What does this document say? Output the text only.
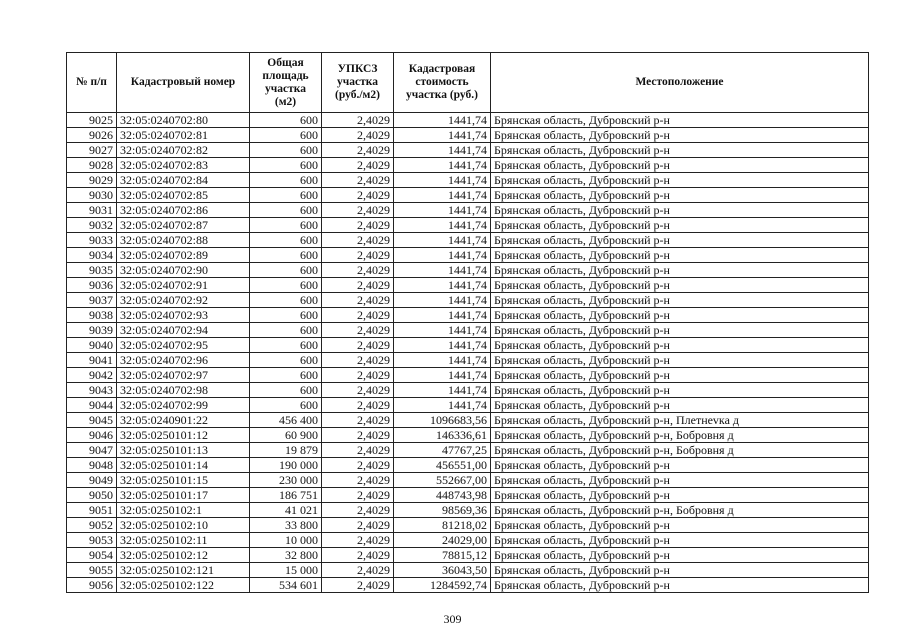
№ п/п	Кадастровый номер	Общая площадь участка (м2)	УПКСЗ участка (руб./м2)	Кадастровая стоимость участка (руб.)	Местоположение
9025	32:05:0240702:80	600	2,4029	1441,74	Брянская область, Дубровский р-н
9026	32:05:0240702:81	600	2,4029	1441,74	Брянская область, Дубровский р-н
9027	32:05:0240702:82	600	2,4029	1441,74	Брянская область, Дубровский р-н
9028	32:05:0240702:83	600	2,4029	1441,74	Брянская область, Дубровский р-н
9029	32:05:0240702:84	600	2,4029	1441,74	Брянская область, Дубровский р-н
9030	32:05:0240702:85	600	2,4029	1441,74	Брянская область, Дубровский р-н
9031	32:05:0240702:86	600	2,4029	1441,74	Брянская область, Дубровский р-н
9032	32:05:0240702:87	600	2,4029	1441,74	Брянская область, Дубровский р-н
9033	32:05:0240702:88	600	2,4029	1441,74	Брянская область, Дубровский р-н
9034	32:05:0240702:89	600	2,4029	1441,74	Брянская область, Дубровский р-н
9035	32:05:0240702:90	600	2,4029	1441,74	Брянская область, Дубровский р-н
9036	32:05:0240702:91	600	2,4029	1441,74	Брянская область, Дубровский р-н
9037	32:05:0240702:92	600	2,4029	1441,74	Брянская область, Дубровский р-н
9038	32:05:0240702:93	600	2,4029	1441,74	Брянская область, Дубровский р-н
9039	32:05:0240702:94	600	2,4029	1441,74	Брянская область, Дубровский р-н
9040	32:05:0240702:95	600	2,4029	1441,74	Брянская область, Дубровский р-н
9041	32:05:0240702:96	600	2,4029	1441,74	Брянская область, Дубровский р-н
9042	32:05:0240702:97	600	2,4029	1441,74	Брянская область, Дубровский р-н
9043	32:05:0240702:98	600	2,4029	1441,74	Брянская область, Дубровский р-н
9044	32:05:0240702:99	600	2,4029	1441,74	Брянская область, Дубровский р-н
9045	32:05:0240901:22	456 400	2,4029	1096683,56	Брянская область, Дубровский р-н, Плетнevка д
9046	32:05:0250101:12	60 900	2,4029	146336,61	Брянская область, Дубровский р-н, Бобровня д
9047	32:05:0250101:13	19 879	2,4029	47767,25	Брянская область, Дубровский р-н, Бобровня д
9048	32:05:0250101:14	190 000	2,4029	456551,00	Брянская область, Дубровский р-н
9049	32:05:0250101:15	230 000	2,4029	552667,00	Брянская область, Дубровский р-н
9050	32:05:0250101:17	186 751	2,4029	448743,98	Брянская область, Дубровский р-н
9051	32:05:0250102:1	41 021	2,4029	98569,36	Брянская область, Дубровский р-н, Бобровня д
9052	32:05:0250102:10	33 800	2,4029	81218,02	Брянская область, Дубровский р-н
9053	32:05:0250102:11	10 000	2,4029	24029,00	Брянская область, Дубровский р-н
9054	32:05:0250102:12	32 800	2,4029	78815,12	Брянская область, Дубровский р-н
9055	32:05:0250102:121	15 000	2,4029	36043,50	Брянская область, Дубровский р-н
9056	32:05:0250102:122	534 601	2,4029	1284592,74	Брянская область, Дубровский р-н
309
